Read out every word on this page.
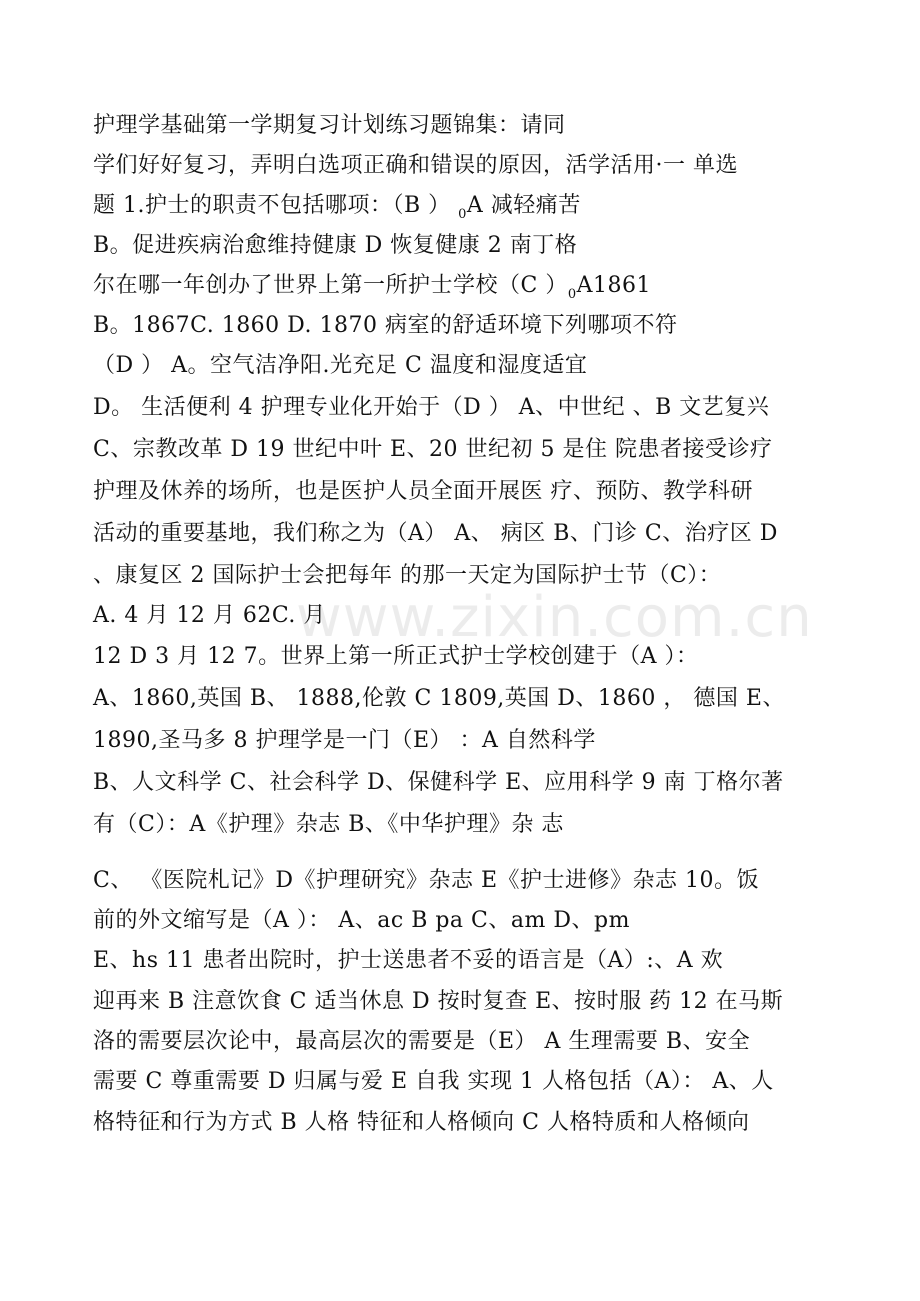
www.zixin.com.cn
护理学基础第一学期复习计划练习题锦集：请同
学们好好复习，弄明白选项正确和错误的原因，活学活用·一 单选
题 1.护士的职责不包括哪项：（B ） $_0$A 减轻痛苦
B。促进疾病治愈维持健康 D 恢复健康 2 南丁格
尔在哪一年创办了世界上第一所护士学校（C ）$_0A1861$
B。1867C. 1860 D. 1870 病室的舒适环境下列哪项不符
（D ） A。空气洁净阳.光充足 C 温度和湿度适宜
D。 生活便利 4 护理专业化开始于（D ） A、中世纪 、B 文艺复兴
C、宗教改革 D 19 世纪中叶 E、20 世纪初 5 是住 院患者接受诊疗
护理及休养的场所，也是医护人员全面开展医 疗、预防、教学科研
活动的重要基地，我们称之为（A） A、 病区 B、门诊 C、治疗区 D
、康复区 2 国际护士会把每年 的那一天定为国际护士节（C）：
A. 4 月 12 月 62C. 月
12 D 3 月 12 7。世界上第一所正式护士学校创建于（A ）：
A、1860,英国 B、 1888,伦敦 C 1809,英国 D、1860 ， 德国 E、
1890,圣马多 8 护理学是一门（E） ：A 自然科学
B、人文科学 C、社会科学 D、保健科学 E、应用科学 9 南 丁格尔著
有（C）：A《护理》杂志 B、《中华护理》杂 志
C、 《医院札记》D《护理研究》杂志 E《护士进修》杂志 10。饭
前的外文缩写是（A ）： A、ac B pa C、am D、pm
E、hs 11 患者出院时，护士送患者不妥的语言是（A）:、A 欢
迎再来 B 注意饮食 C 适当休息 D 按时复查 E、按时服 药 12 在马斯
洛的需要层次论中，最高层次的需要是（E） A 生理需要 B、安全
需要 C 尊重需要 D 归属与爱 E 自我 实现 1 人格包括（A）： A、人
格特征和行为方式 B 人格 特征和人格倾向 C 人格特质和人格倾向
